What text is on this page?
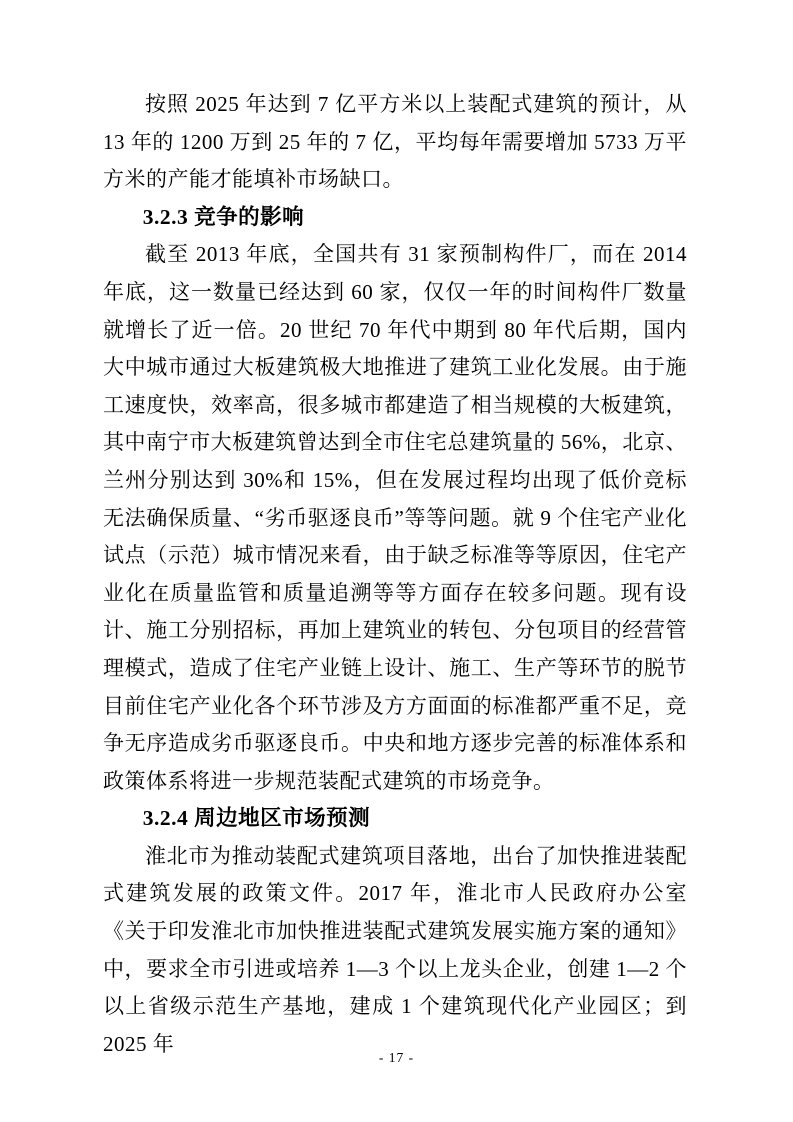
按照 2025 年达到 7 亿平方米以上装配式建筑的预计，从 13 年的 1200 万到 25 年的 7 亿，平均每年需要增加 5733 万平方米的产能才能填补市场缺口。

3.2.3 竞争的影响

截至 2013 年底，全国共有 31 家预制构件厂，而在 2014 年底，这一数量已经达到 60 家，仅仅一年的时间构件厂数量就增长了近一倍。20 世纪 70 年代中期到 80 年代后期，国内大中城市通过大板建筑极大地推进了建筑工业化发展。由于施工速度快，效率高，很多城市都建造了相当规模的大板建筑，其中南宁市大板建筑曾达到全市住宅总建筑量的 56%，北京、兰州分别达到 30%和 15%，但在发展过程均出现了低价竞标无法确保质量、“劣币驱逐良币”等等问题。就 9 个住宅产业化试点（示范）城市情况来看，由于缺乏标准等等原因，住宅产业化在质量监管和质量追溯等等方面存在较多问题。现有设计、施工分别招标，再加上建筑业的转包、分包项目的经营管理模式，造成了住宅产业链上设计、施工、生产等环节的脱节目前住宅产业化各个环节涉及方方面面的标准都严重不足，竞争无序造成劣币驱逐良币。中央和地方逐步完善的标准体系和政策体系将进一步规范装配式建筑的市场竞争。

3.2.4 周边地区市场预测

淮北市为推动装配式建筑项目落地，出台了加快推进装配式建筑发展的政策文件。2017 年，淮北市人民政府办公室《关于印发淮北市加快推进装配式建筑发展实施方案的通知》中，要求全市引进或培养 1—3 个以上龙头企业，创建 1—2 个以上省级示范生产基地，建成 1 个建筑现代化产业园区；到 2025 年

- 17 -
